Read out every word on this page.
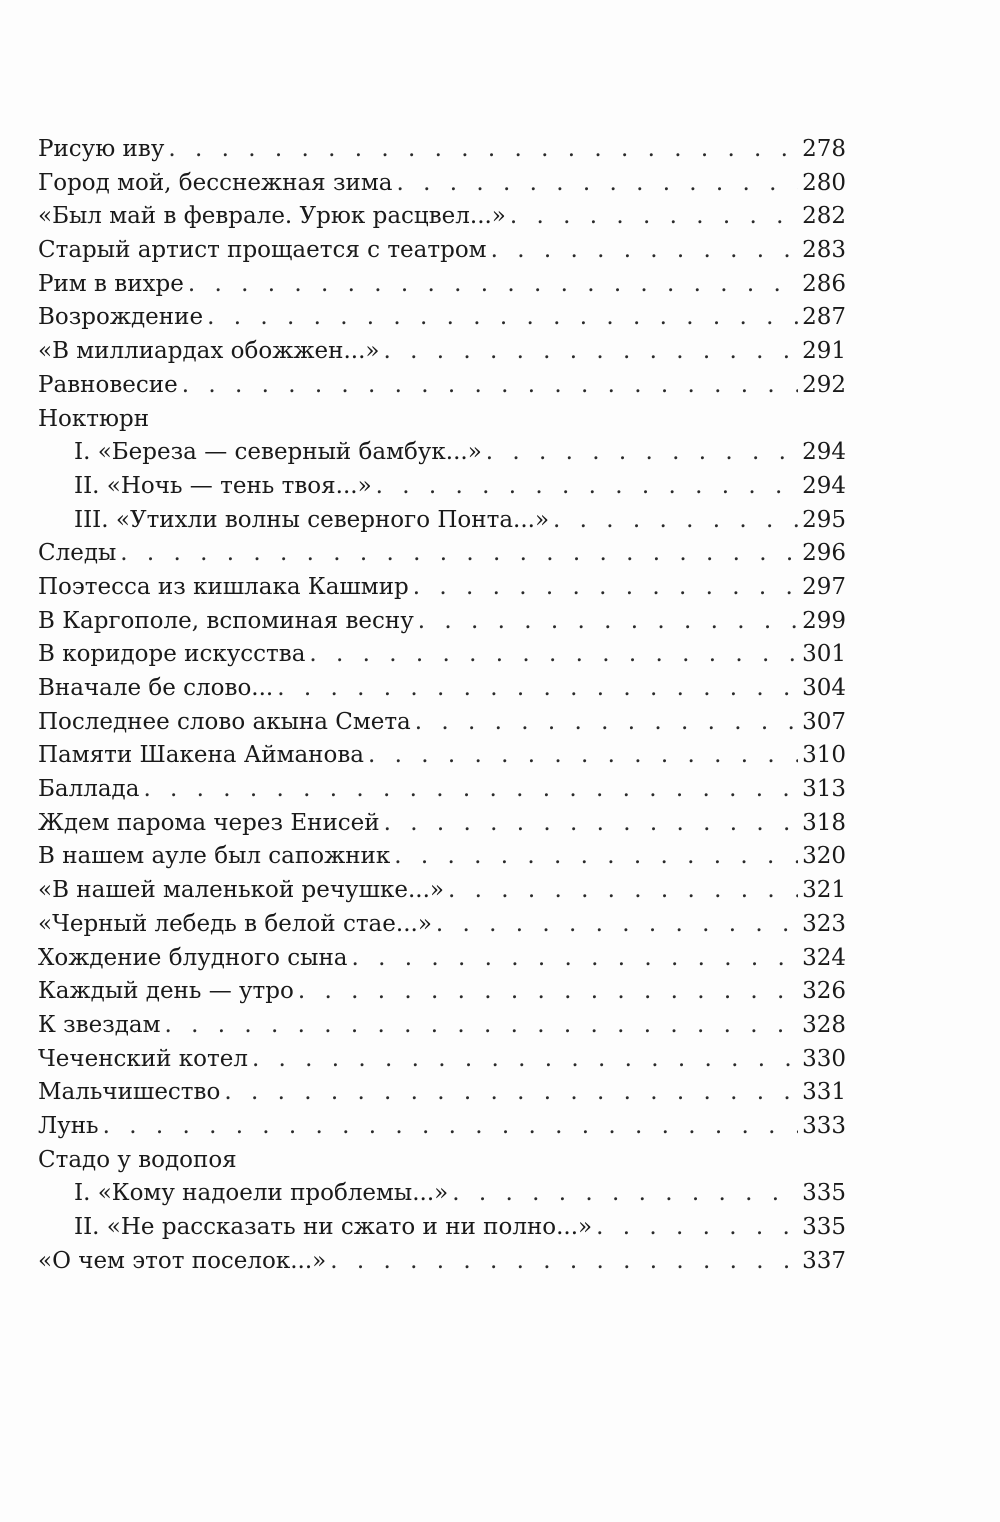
Рисую иву . . .	278
Город мой, бесснежная зима . . .	280
«Был май в феврале. Урюк расцвел...» . . .	282
Старый артист прощается с театром . . .	283
Рим в вихре . . .	286
Возрождение . . .	287
«В миллиардах обожжен...» . . .	291
Равновесие . . .	292
Ноктюрн
I. «Береза — северный бамбук...» . . .	294
II. «Ночь — тень твоя...» . . .	294
III. «Утихли волны северного Понта...» . . .	295
Следы . . .	296
Поэтесса из кишлака Кашмир . . .	297
В Каргополе, вспоминая весну . . .	299
В коридоре искусства . . .	301
Вначале бе слово... . . .	304
Последнее слово акына Смета . . .	307
Памяти Шакена Айманова . . .	310
Баллада . . .	313
Ждем парома через Енисей . . .	318
В нашем ауле был сапожник . . .	320
«В нашей маленькой речушке...» . . .	321
«Черный лебедь в белой стае...» . . .	323
Хождение блудного сына . . .	324
Каждый день — утро . . .	326
К звездам . . .	328
Чеченский котел . . .	330
Мальчишество . . .	331
Лунь . . .	333
Стадо у водопоя
I. «Кому надоели проблемы...» . . .	335
II. «Не рассказать ни сжато и ни полно...» . . .	335
«О чем этот поселок...» . . .	337
